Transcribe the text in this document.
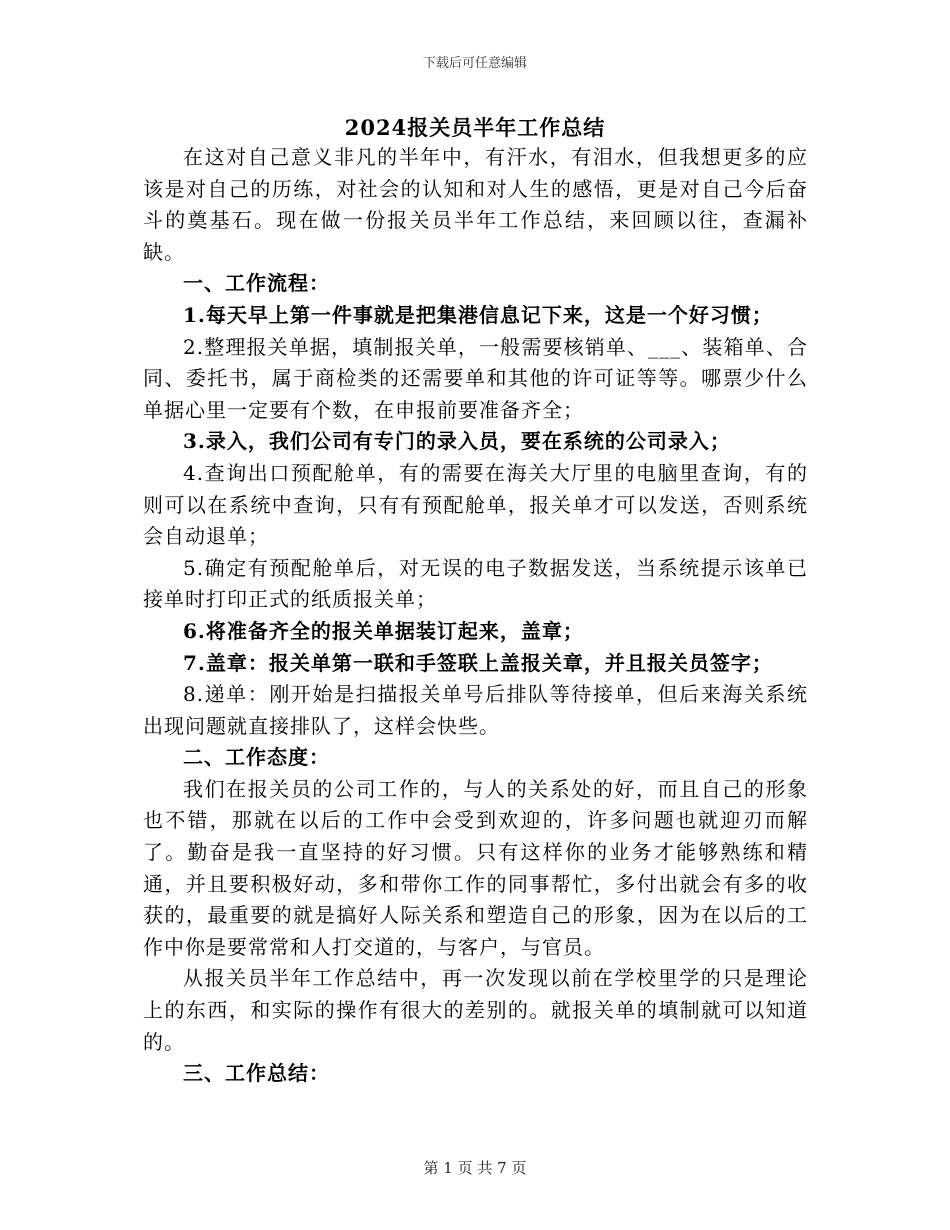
下载后可任意编辑
2024报关员半年工作总结

在这对自己意义非凡的半年中，有汗水，有泪水，但我想更多的应该是对自己的历练，对社会的认知和对人生的感悟，更是对自己今后奋斗的奠基石。现在做一份报关员半年工作总结，来回顾以往，查漏补缺。

一、工作流程：

1.每天早上第一件事就是把集港信息记下来，这是一个好习惯；

2.整理报关单据，填制报关单，一般需要核销单、___、装箱单、合同、委托书，属于商检类的还需要单和其他的许可证等等。哪票少什么单据心里一定要有个数，在申报前要准备齐全；

3.录入，我们公司有专门的录入员，要在系统的公司录入；

4.查询出口预配舱单，有的需要在海关大厅里的电脑里查询，有的则可以在系统中查询，只有有预配舱单，报关单才可以发送，否则系统会自动退单；

5.确定有预配舱单后，对无误的电子数据发送，当系统提示该单已接单时打印正式的纸质报关单；

6.将准备齐全的报关单据装订起来，盖章；

7.盖章：报关单第一联和手签联上盖报关章，并且报关员签字；

8.递单：刚开始是扫描报关单号后排队等待接单，但后来海关系统出现问题就直接排队了，这样会快些。

二、工作态度：

我们在报关员的公司工作的，与人的关系处的好，而且自己的形象也不错，那就在以后的工作中会受到欢迎的，许多问题也就迎刃而解了。勤奋是我一直坚持的好习惯。只有这样你的业务才能够熟练和精通，并且要积极好动，多和带你工作的同事帮忙，多付出就会有多的收获的，最重要的就是搞好人际关系和塑造自己的形象，因为在以后的工作中你是要常常和人打交道的，与客户，与官员。

从报关员半年工作总结中，再一次发现以前在学校里学的只是理论上的东西，和实际的操作有很大的差别的。就报关单的填制就可以知道的。

三、工作总结：

第 1 页 共 7 页
